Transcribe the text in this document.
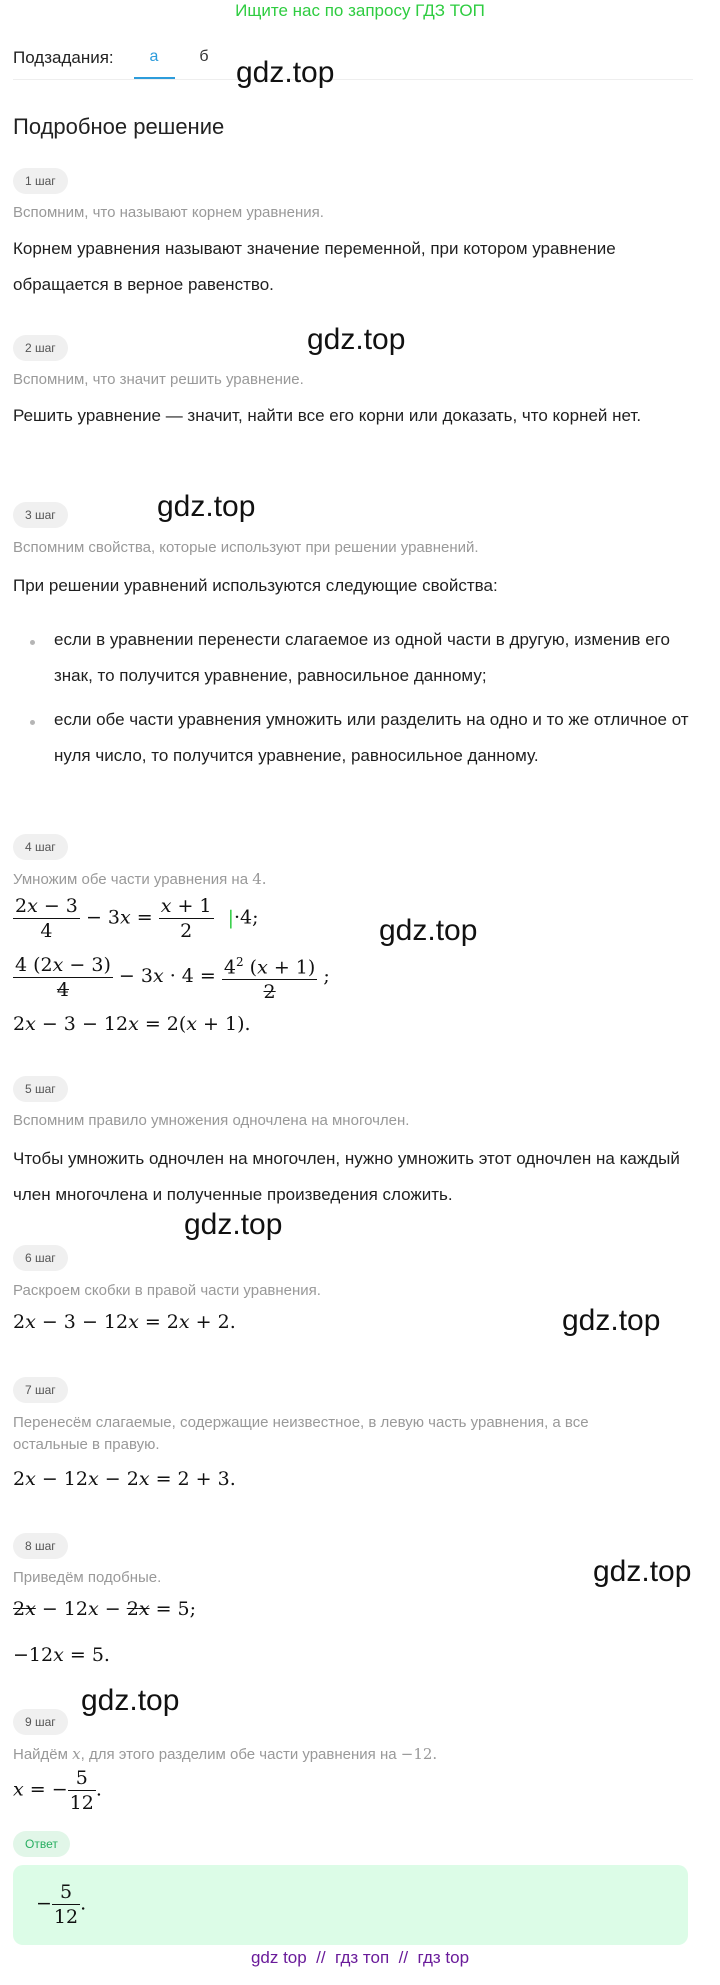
Ищите нас по запросу ГДЗ ТОП
Подзадания:	а	б gdz.top
gdz.top
gdz.top
gdz.top
gdz.top
gdz.top
gdz.top
gdz.top
Подробное решение
1 шаг
Вспомним, что называют корнем уравнения.
Корнем уравнения называют значение переменной, при котором уравнение обращается в верное равенство.
2 шаг
Вспомним, что значит решить уравнение.
Решить уравнение — значит, найти все его корни или доказать, что корней нет.
3 шаг
Вспомним свойства, которые используют при решении уравнений.
При решении уравнений используются следующие свойства:
если в уравнении перенести слагаемое из одной части в другую, изменив его знак, то получится уравнение, равносильное данному;
если обе части уравнения умножить или разделить на одно и то же отличное от нуля число, то получится уравнение, равносильное данному.
4 шаг
Умножим обе части уравнения на 4.
$\frac{2x - 3}{4} - 3x = \frac{x + 1}{2} |\cdot 4$;
$\frac{4 (2x - 3)}{4} - 3x \cdot 4 = \frac{4^2 (x + 1)}{2}$ ;
2x − 3 − 12x = 2(x + 1).
5 шаг
Вспомним правило умножения одночлена на многочлен.
Чтобы умножить одночлен на многочлен, нужно умножить этот одночлен на каждый член многочлена и полученные произведения сложить.
6 шаг
Раскроем скобки в правой части уравнения.
2x − 3 − 12x = 2x + 2.
7 шаг
Перенесём слагаемые, содержащие неизвестное, в левую часть уравнения, а все остальные в правую.
2x − 12x − 2x = 2 + 3.
8 шаг
Приведём подобные.
2x − 12x − 2x = 5;
−12x = 5.
9 шаг
Найдём x, для этого разделим обе части уравнения на −12.
x = − $\frac{5}{12}$ .
Ответ
− $\frac{5}{12}$ .
gdz top  //  гдз топ  //  гдз top
